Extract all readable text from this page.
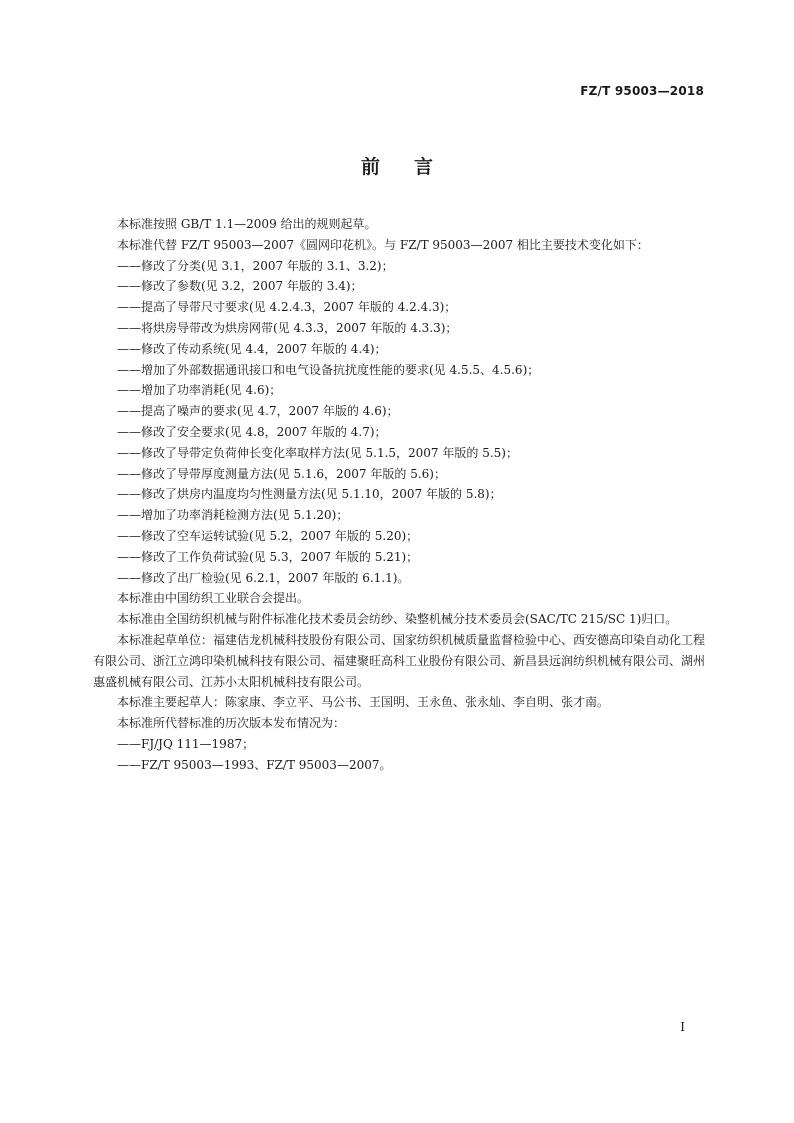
FZ/T 95003—2018
前言

本标准按照 GB/T 1.1—2009 给出的规则起草。

本标准代替 FZ/T 95003—2007《圆网印花机》。与 FZ/T 95003—2007 相比主要技术变化如下：

——修改了分类(见 3.1，2007 年版的 3.1、3.2)；

——修改了参数(见 3.2，2007 年版的 3.4)；

——提高了导带尺寸要求(见 4.2.4.3，2007 年版的 4.2.4.3)；

——将烘房导带改为烘房网带(见 4.3.3，2007 年版的 4.3.3)；

——修改了传动系统(见 4.4，2007 年版的 4.4)；

——增加了外部数据通讯接口和电气设备抗扰度性能的要求(见 4.5.5、4.5.6)；

——增加了功率消耗(见 4.6)；

——提高了噪声的要求(见 4.7，2007 年版的 4.6)；

——修改了安全要求(见 4.8，2007 年版的 4.7)；

——修改了导带定负荷伸长变化率取样方法(见 5.1.5，2007 年版的 5.5)；

——修改了导带厚度测量方法(见 5.1.6，2007 年版的 5.6)；

——修改了烘房内温度均匀性测量方法(见 5.1.10，2007 年版的 5.8)；

——增加了功率消耗检测方法(见 5.1.20)；

——修改了空车运转试验(见 5.2，2007 年版的 5.20)；

——修改了工作负荷试验(见 5.3，2007 年版的 5.21)；

——修改了出厂检验(见 6.2.1，2007 年版的 6.1.1)。

本标准由中国纺织工业联合会提出。

本标准由全国纺织机械与附件标准化技术委员会纺纱、染整机械分技术委员会(SAC/TC 215/SC 1)归口。

本标准起草单位：福建佶龙机械科技股份有限公司、国家纺织机械质量监督检验中心、西安德高印染自动化工程有限公司、浙江立鸿印染机械科技有限公司、福建聚旺高科工业股份有限公司、新昌县远润纺织机械有限公司、湖州惠盛机械有限公司、江苏小太阳机械科技有限公司。

本标准主要起草人：陈家康、李立平、马公书、王国明、王永鱼、张永灿、李自明、张才南。

本标准所代替标准的历次版本发布情况为：

——FJ/JQ 111—1987；

——FZ/T 95003—1993、FZ/T 95003—2007。

I
